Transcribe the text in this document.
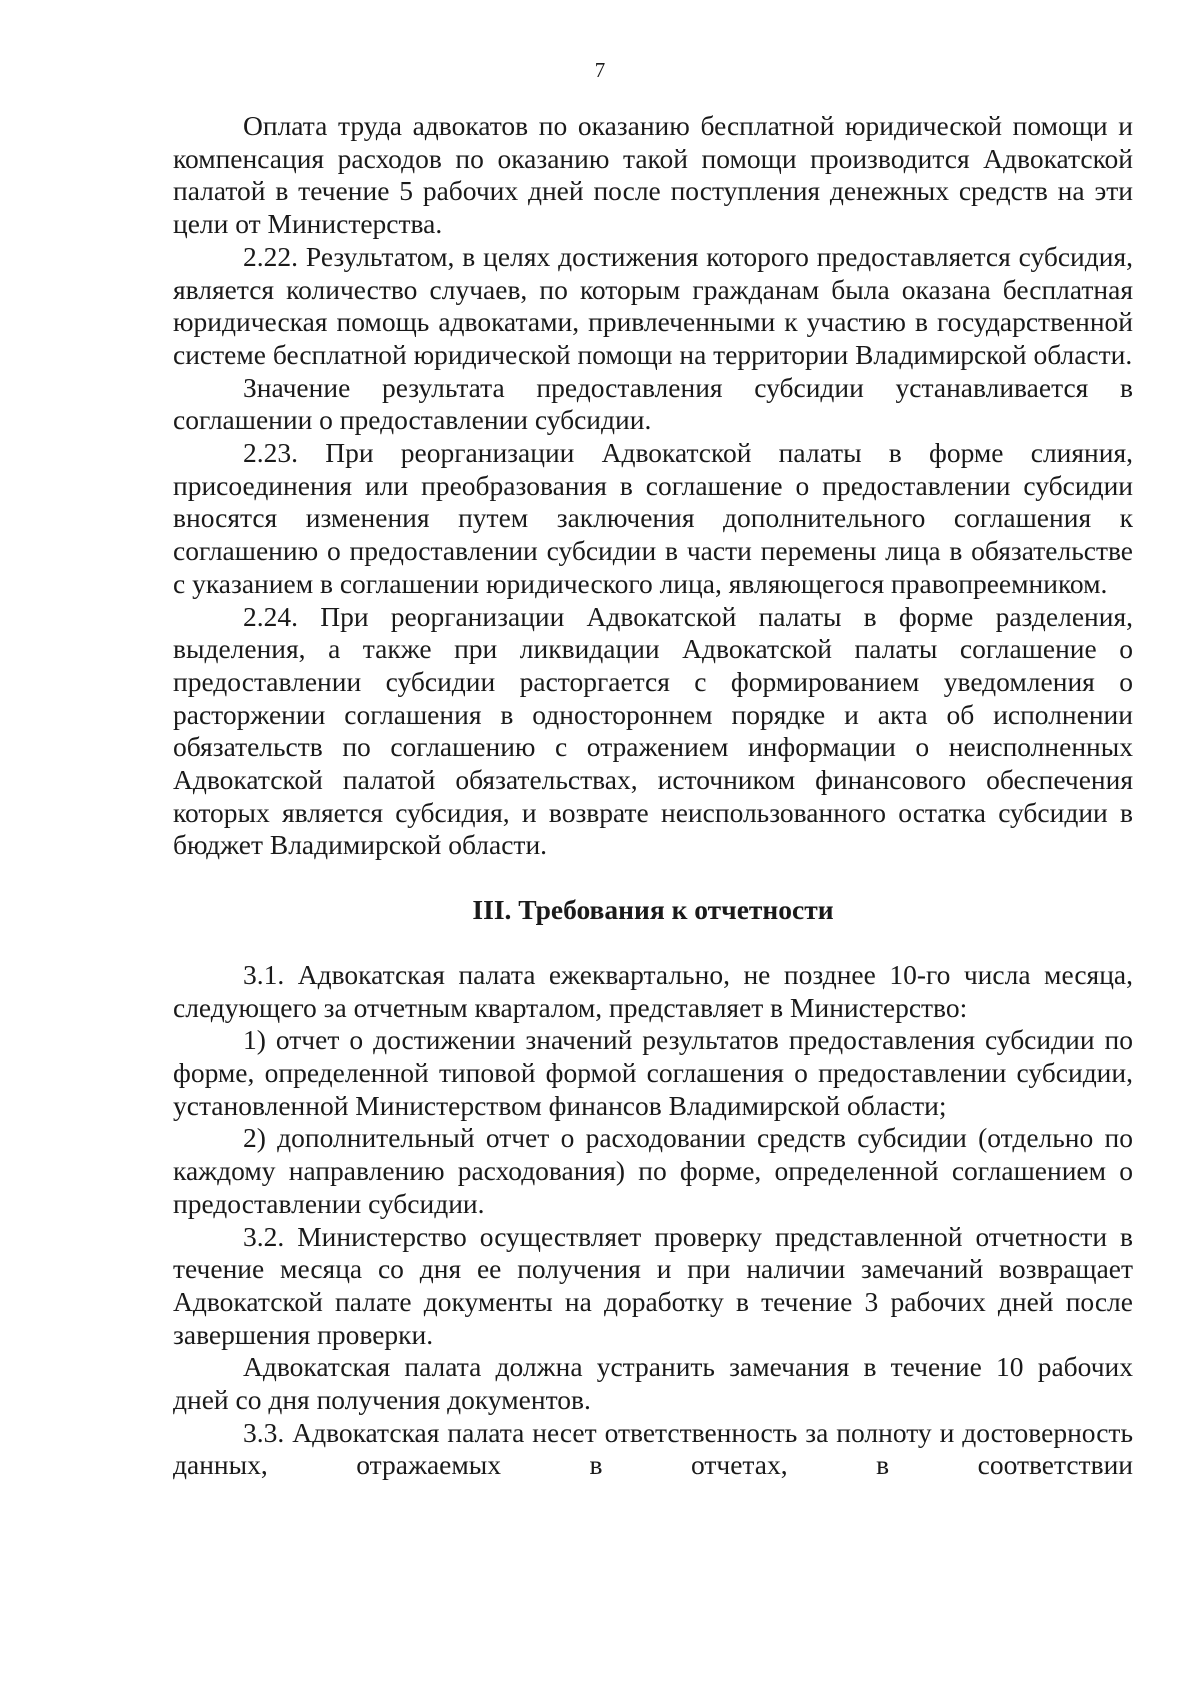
7

Оплата труда адвокатов по оказанию бесплатной юридической помощи и компенсация расходов по оказанию такой помощи производится Адвокатской палатой в течение 5 рабочих дней после поступления денежных средств на эти цели от Министерства.

2.22. Результатом, в целях достижения которого предоставляется субсидия, является количество случаев, по которым гражданам была оказана бесплатная юридическая помощь адвокатами, привлеченными к участию в государственной системе бесплатной юридической помощи на территории Владимирской области.

Значение результата предоставления субсидии устанавливается в соглашении о предоставлении субсидии.

2.23. При реорганизации Адвокатской палаты в форме слияния, присоединения или преобразования в соглашение о предоставлении субсидии вносятся изменения путем заключения дополнительного соглашения к соглашению о предоставлении субсидии в части перемены лица в обязательстве с указанием в соглашении юридического лица, являющегося правопреемником.

2.24. При реорганизации Адвокатской палаты в форме разделения, выделения, а также при ликвидации Адвокатской палаты соглашение о предоставлении субсидии расторгается с формированием уведомления о расторжении соглашения в одностороннем порядке и акта об исполнении обязательств по соглашению с отражением информации о неисполненных Адвокатской палатой обязательствах, источником финансового обеспечения которых является субсидия, и возврате неиспользованного остатка субсидии в бюджет Владимирской области.

III. Требования к отчетности

3.1. Адвокатская палата ежеквартально, не позднее 10-го числа месяца, следующего за отчетным кварталом, представляет в Министерство:

1) отчет о достижении значений результатов предоставления субсидии по форме, определенной типовой формой соглашения о предоставлении субсидии, установленной Министерством финансов Владимирской области;

2) дополнительный отчет о расходовании средств субсидии (отдельно по каждому направлению расходования) по форме, определенной соглашением о предоставлении субсидии.

3.2. Министерство осуществляет проверку представленной отчетности в течение месяца со дня ее получения и при наличии замечаний возвращает Адвокатской палате документы на доработку в течение 3 рабочих дней после завершения проверки.

Адвокатская палата должна устранить замечания в течение 10 рабочих дней со дня получения документов.

3.3. Адвокатская палата несет ответственность за полноту и достоверность данных, отражаемых в отчетах, в соответствии
